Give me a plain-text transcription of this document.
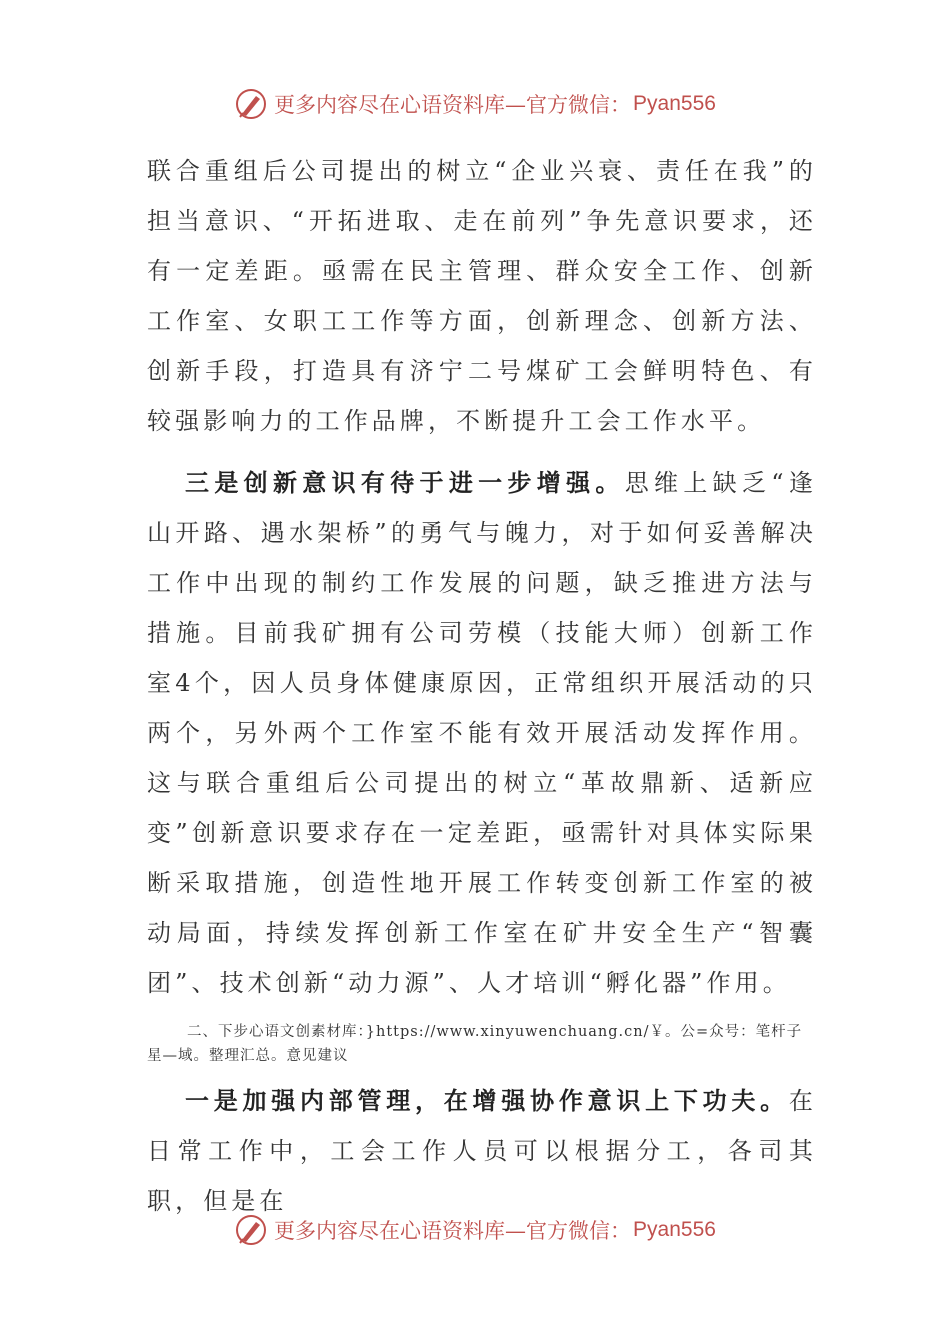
更多内容尽在心语资料库—官方微信： Pyan556

联合重组后公司提出的树立“企业兴衰、责任在我”的担当意识、“开拓进取、走在前列”争先意识要求，还有一定差距。亟需在民主管理、群众安全工作、创新工作室、女职工工作等方面，创新理念、创新方法、创新手段，打造具有济宁二号煤矿工会鲜明特色、有较强影响力的工作品牌，不断提升工会工作水平。

三是创新意识有待于进一步增强。思维上缺乏“逢山开路、遇水架桥”的勇气与魄力，对于如何妥善解决工作中出现的制约工作发展的问题，缺乏推进方法与措施。目前我矿拥有公司劳模（技能大师）创新工作室4个，因人员身体健康原因，正常组织开展活动的只两个，另外两个工作室不能有效开展活动发挥作用。这与联合重组后公司提出的树立“革故鼎新、适新应变”创新意识要求存在一定差距，亟需针对具体实际果断采取措施，创造性地开展工作转变创新工作室的被动局面，持续发挥创新工作室在矿井安全生产“智囊团”、技术创新“动力源”、人才培训“孵化器”作用。

二、下步心语文创素材库：}https://www.xinyuwenchuang.cn/￥。公=众号：笔杆子星—域。整理汇总。意见建议

一是加强内部管理，在增强协作意识上下功夫。在日常工作中，工会工作人员可以根据分工，各司其职，但是在

更多内容尽在心语资料库—官方微信： Pyan556
